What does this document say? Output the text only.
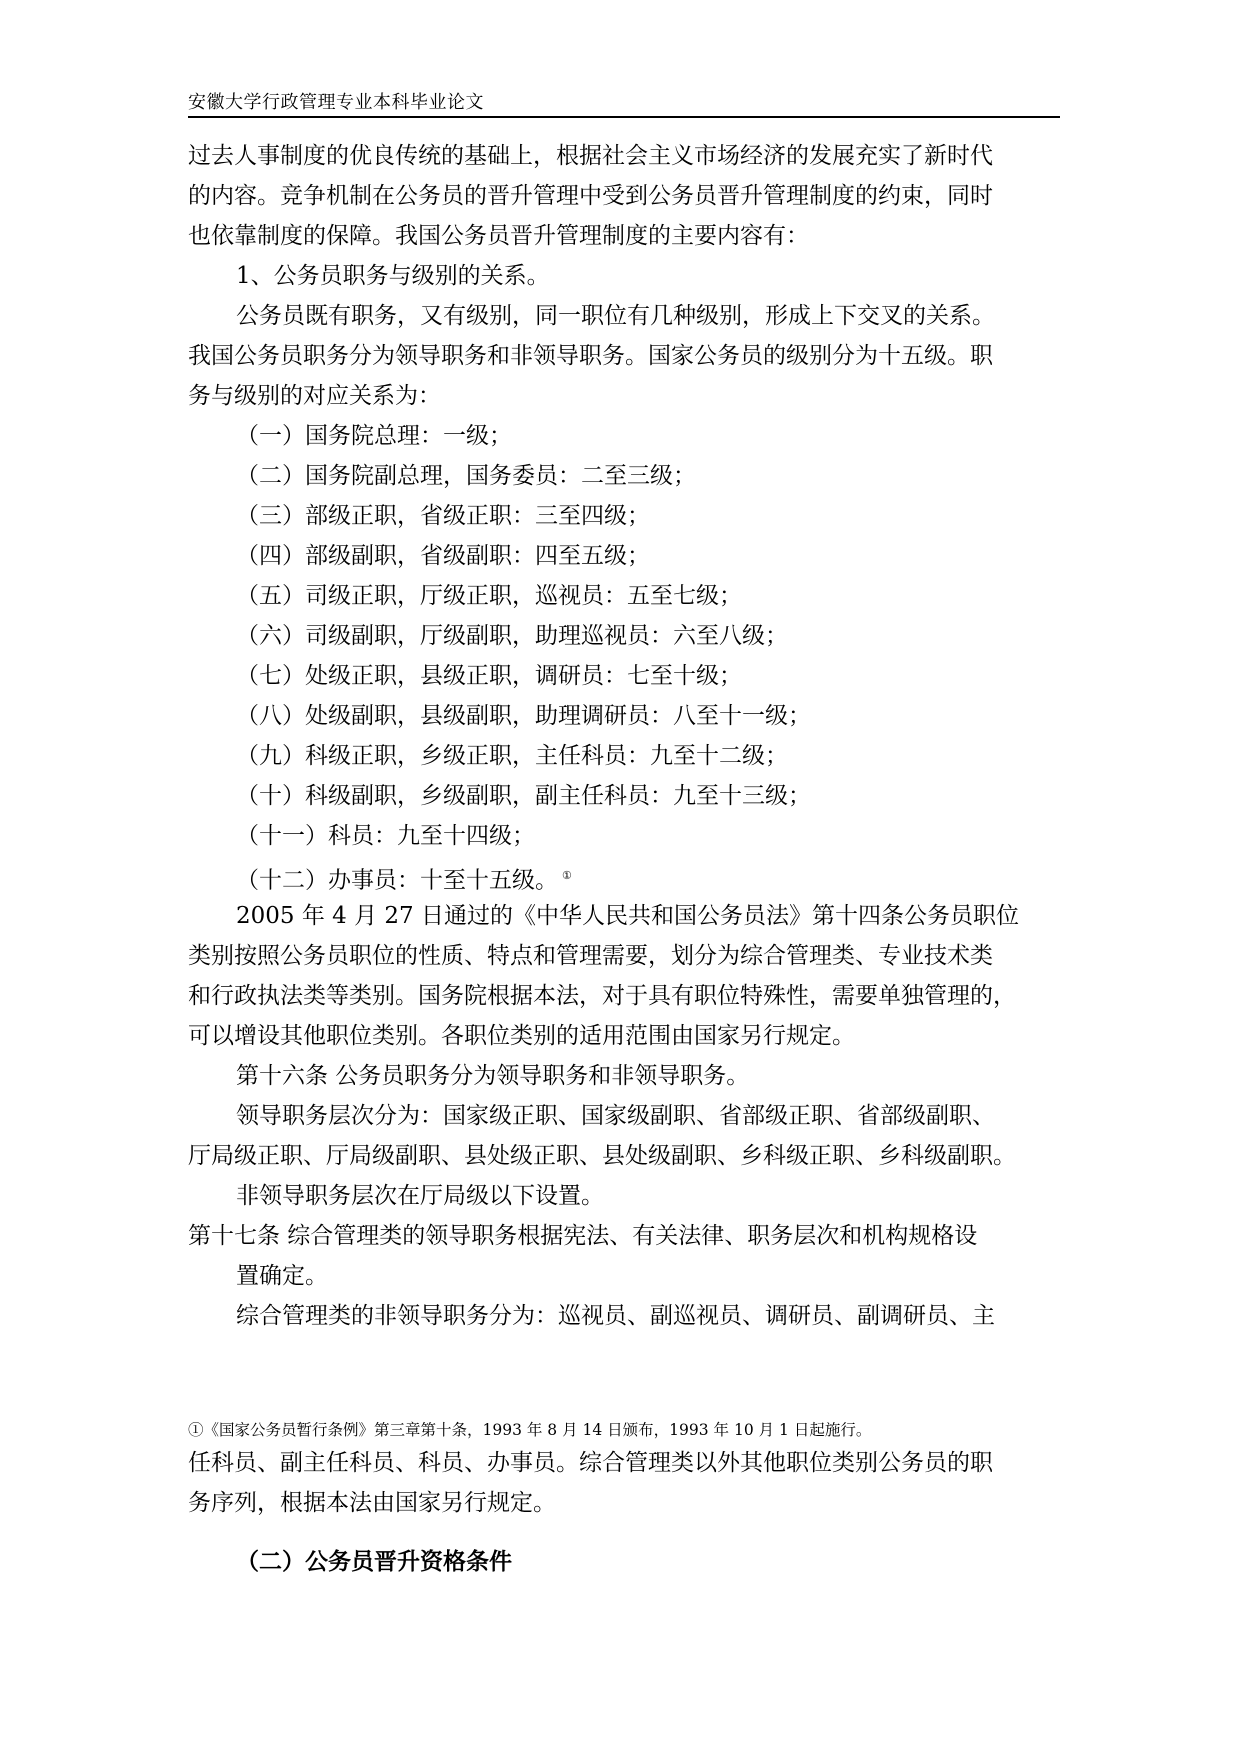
安徽大学行政管理专业本科毕业论文
过去人事制度的优良传统的基础上，根据社会主义市场经济的发展充实了新时代
的内容。竞争机制在公务员的晋升管理中受到公务员晋升管理制度的约束，同时
也依靠制度的保障。我国公务员晋升管理制度的主要内容有：
1、公务员职务与级别的关系。
公务员既有职务，又有级别，同一职位有几种级别，形成上下交叉的关系。
我国公务员职务分为领导职务和非领导职务。国家公务员的级别分为十五级。职
务与级别的对应关系为：
（一）国务院总理：一级；
（二）国务院副总理，国务委员：二至三级；
（三）部级正职，省级正职：三至四级；
（四）部级副职，省级副职：四至五级；
（五）司级正职，厅级正职，巡视员：五至七级；
（六）司级副职，厅级副职，助理巡视员：六至八级；
（七）处级正职，县级正职，调研员：七至十级；
（八）处级副职，县级副职，助理调研员：八至十一级；
（九）科级正职，乡级正职，主任科员：九至十二级；
（十）科级副职，乡级副职，副主任科员：九至十三级；
（十一）科员：九至十四级；
（十二）办事员：十至十五级。 ①
2005 年 4 月 27 日通过的《中华人民共和国公务员法》第十四条公务员职位
类别按照公务员职位的性质、特点和管理需要，划分为综合管理类、专业技术类
和行政执法类等类别。国务院根据本法，对于具有职位特殊性，需要单独管理的，
可以增设其他职位类别。各职位类别的适用范围由国家另行规定。
第十六条 公务员职务分为领导职务和非领导职务。
领导职务层次分为：国家级正职、国家级副职、省部级正职、省部级副职、
厅局级正职、厅局级副职、县处级正职、县处级副职、乡科级正职、乡科级副职。
非领导职务层次在厅局级以下设置。
第十七条 综合管理类的领导职务根据宪法、有关法律、职务层次和机构规格设
置确定。
综合管理类的非领导职务分为：巡视员、副巡视员、调研员、副调研员、主
①《国家公务员暂行条例》第三章第十条，1993 年 8 月 14 日颁布，1993 年 10 月 1 日起施行。
任科员、副主任科员、科员、办事员。综合管理类以外其他职位类别公务员的职
务序列，根据本法由国家另行规定。
（二）公务员晋升资格条件
